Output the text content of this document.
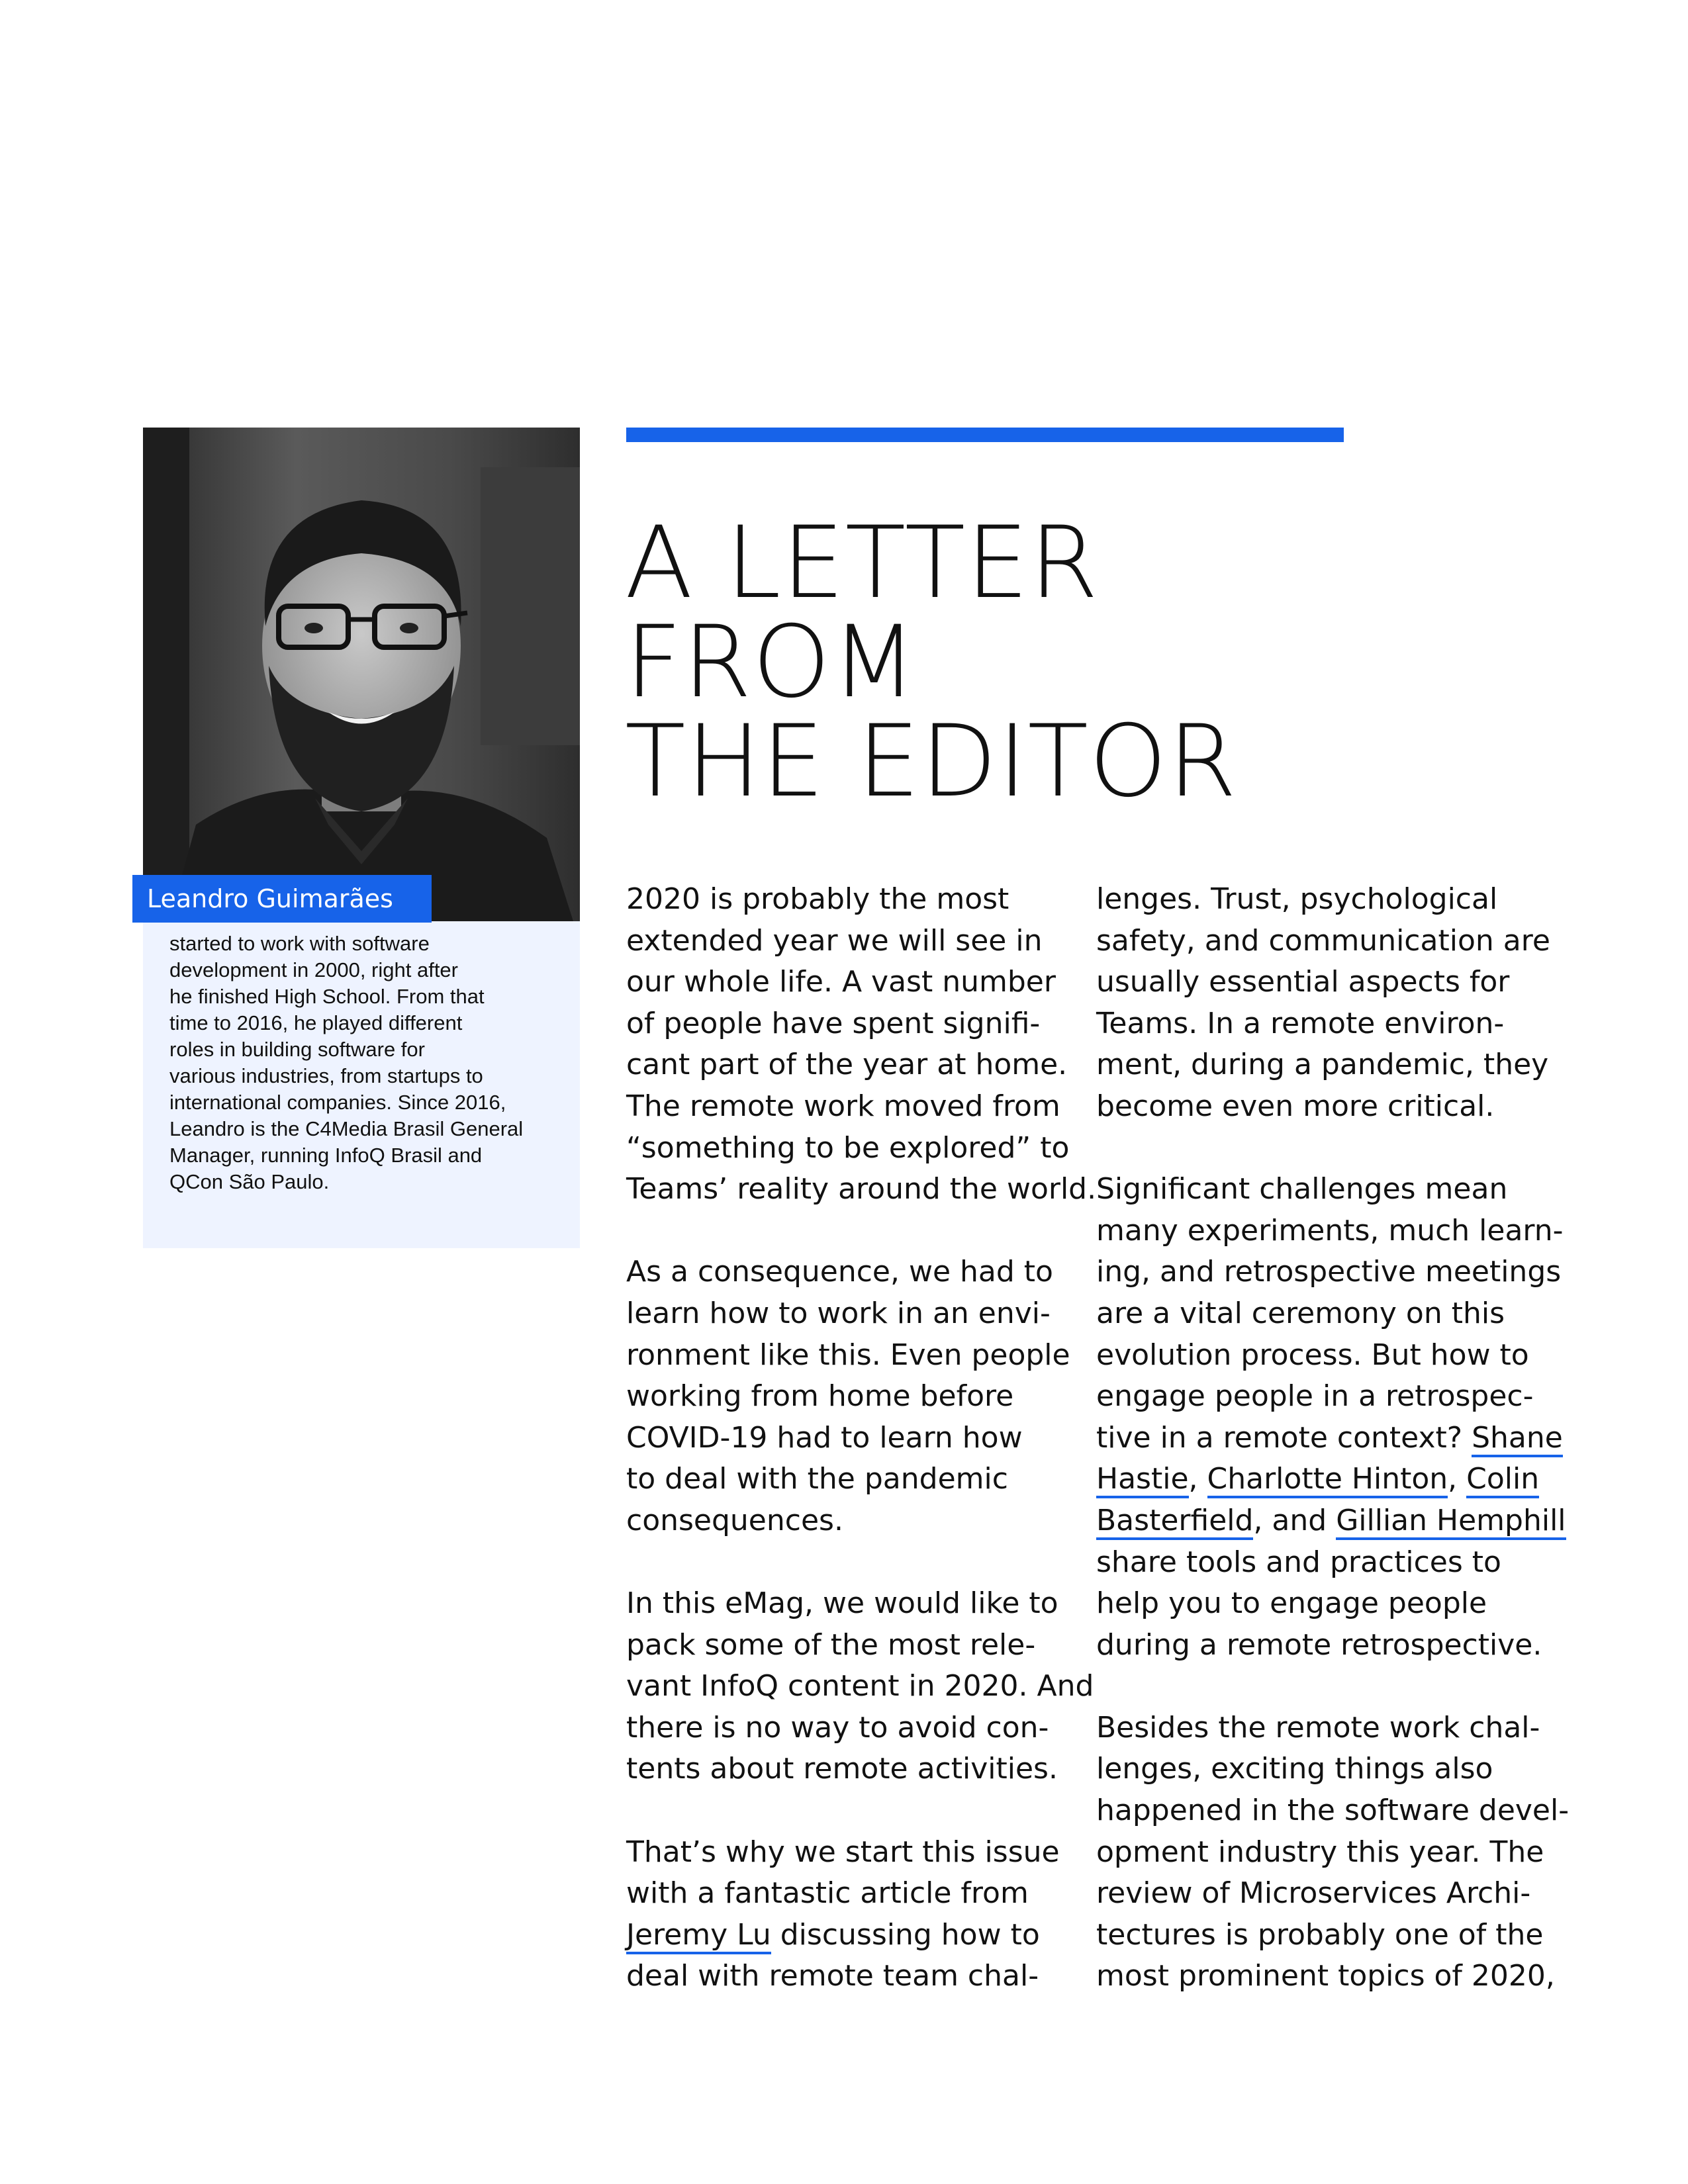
Leandro Guimarães

started to work with software
development in 2000, right after
he finished High School. From that
time to 2016, he played different
roles in building software for
various industries, from startups to
international companies. Since 2016,
Leandro is the C4Media Brasil General
Manager, running InfoQ Brasil and
QCon São Paulo.

A LETTER FROM
THE EDITOR
2020 is probably the most
extended year we will see in
our whole life. A vast number
of people have spent signifi-
cant part of the year at home.
The remote work moved from
“something to be explored” to
Teams’ reality around the world.
As a consequence, we had to
learn how to work in an envi-
ronment like this. Even people
working from home before
COVID-19 had to learn how
to deal with the pandemic
consequences.
In this eMag, we would like to
pack some of the most rele-
vant InfoQ content in 2020. And
there is no way to avoid con-
tents about remote activities.
That’s why we start this issue
with a fantastic article from
Jeremy Lu discussing how to
deal with remote team chal-
lenges. Trust, psychological
safety, and communication are
usually essential aspects for
Teams. In a remote environ-
ment, during a pandemic, they
become even more critical.
Significant challenges mean
many experiments, much learn-
ing, and retrospective meetings
are a vital ceremony on this
evolution process. But how to
engage people in a retrospec-
tive in a remote context? Shane
Hastie, Charlotte Hinton, Colin
Basterfield, and Gillian Hemphill
share tools and practices to
help you to engage people
during a remote retrospective.
Besides the remote work chal-
lenges, exciting things also
happened in the software devel-
opment industry this year. The
review of Microservices Archi-
tectures is probably one of the
most prominent topics of 2020,
